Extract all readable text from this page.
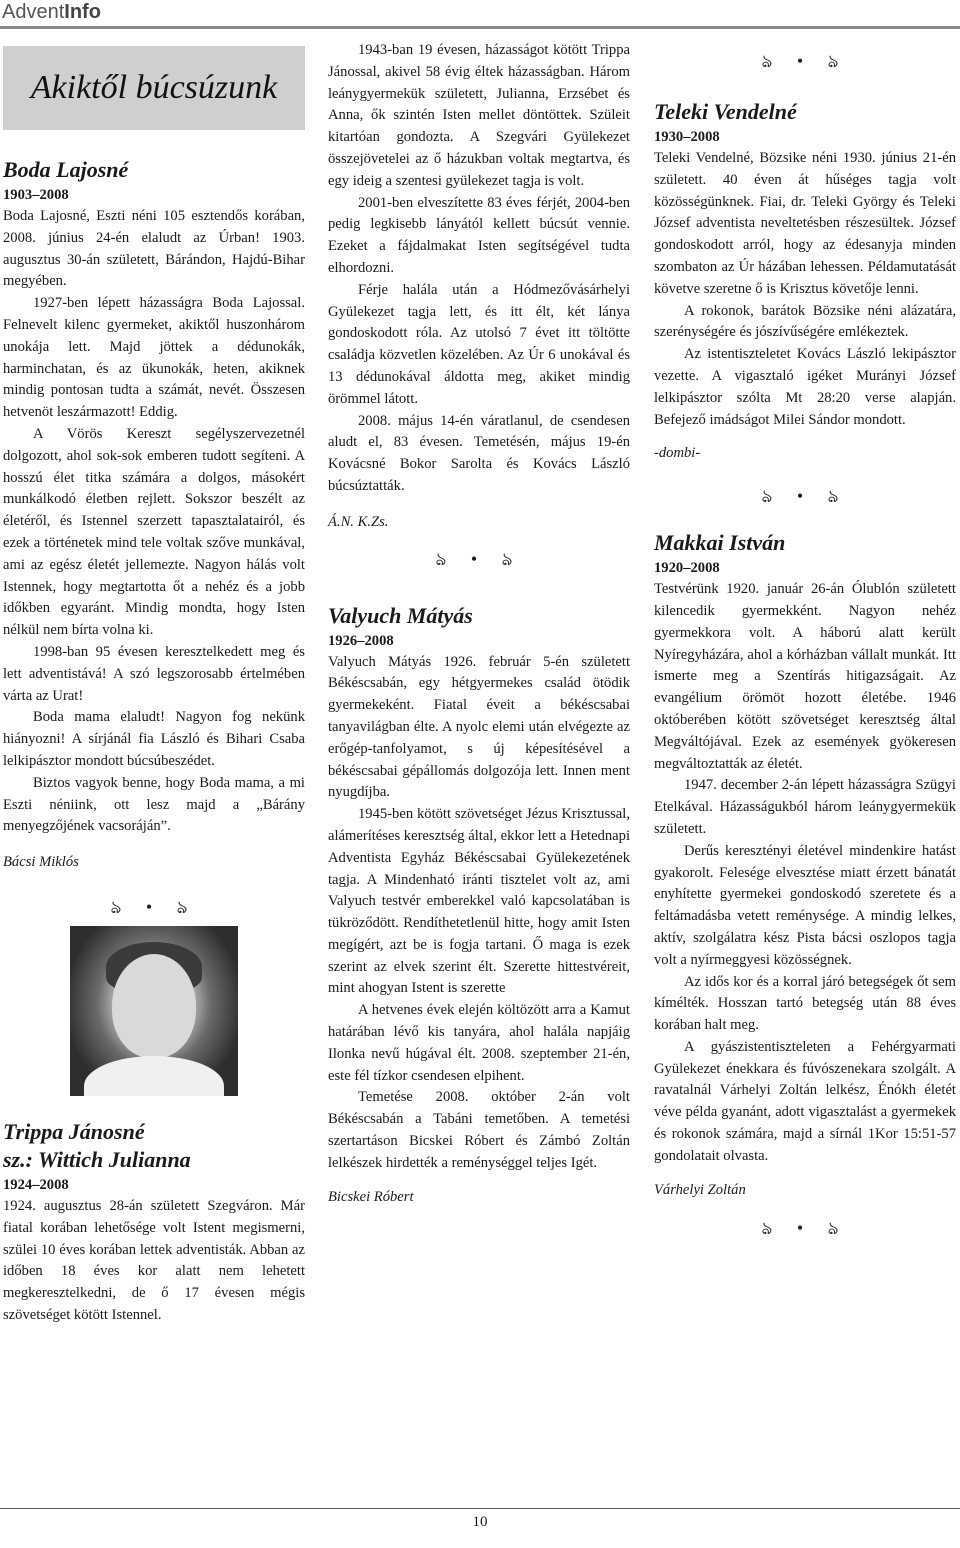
AdventInfo
Akiktől búcsúzunk

Boda Lajosné

1903–2008

Boda Lajosné, Eszti néni 105 esztendős korában, 2008. június 24-én elaludt az Úrban! 1903. augusztus 30-án született, Bárándon, Hajdú-Bihar megyében.

1927-ben lépett házasságra Boda Lajossal. Felnevelt kilenc gyermeket, akiktől huszonhárom unokája lett. Majd jöttek a dédunokák, harminchatan, és az ükunokák, heten, akiknek mindig pontosan tudta a számát, nevét. Összesen hetvenöt leszármazott! Eddig.

A Vörös Kereszt segélyszervezetnél dolgozott, ahol sok-sok emberen tudott segíteni. A hosszú élet titka számára a dolgos, másokért munkálkodó életben rejlett. Sokszor beszélt az életéről, és Istennel szerzett tapasztalatairól, és ezek a történetek mind tele voltak szőve munkával, ami az egész életét jellemezte. Nagyon hálás volt Istennek, hogy megtartotta őt a nehéz és a jobb időkben egyaránt. Mindig mondta, hogy Isten nélkül nem bírta volna ki.

1998-ban 95 évesen keresztelkedett meg és lett adventistává! A szó legszorosabb értelmében várta az Urat!

Boda mama elaludt! Nagyon fog nekünk hiányozni! A sírjánál fia László és Bihari Csaba lelkipásztor mondott búcsúbeszédet.

Biztos vagyok benne, hogy Boda mama, a mi Eszti néniink, ott lesz majd a „Bárány menyegzőjének vacsoráján”.

Bácsi Miklós

ঌ • ঌ

Trippa Jánosné

sz.: Wittich Julianna

1924–2008

1924. augusztus 28-án született Szegváron. Már fiatal korában lehetősége volt Istent megismerni, szülei 10 éves korában lettek adventisták. Abban az időben 18 éves kor alatt nem lehetett megkeresztelkedni, de ő 17 évesen mégis szövetséget kötött Istennel.

1943-ban 19 évesen, házasságot kötött Trippa Jánossal, akivel 58 évig éltek házasságban. Három leánygyermekük született, Julianna, Erzsébet és Anna, ők szintén Isten mellet döntöttek. Szüleit kitartóan gondozta. A Szegvári Gyülekezet összejövetelei az ő házukban voltak megtartva, és egy ideig a szentesi gyülekezet tagja is volt.

2001-ben elveszítette 83 éves férjét, 2004-ben pedig legkisebb lányától kellett búcsút vennie. Ezeket a fájdalmakat Isten segítségével tudta elhordozni.

Férje halála után a Hódmezővásárhelyi Gyülekezet tagja lett, és itt élt, két lánya gondoskodott róla. Az utolsó 7 évet itt töltötte családja közvetlen közelében. Az Úr 6 unokával és 13 dédunokával áldotta meg, akiket mindig örömmel látott.

2008. május 14-én váratlanul, de csendesen aludt el, 83 évesen. Temetésén, május 19-én Kovácsné Bokor Sarolta és Kovács László búcsúztatták.

Á.N. K.Zs.

ঌ • ঌ

Valyuch Mátyás

1926–2008

Valyuch Mátyás 1926. február 5-én született Békéscsabán, egy hétgyermekes család ötödik gyermekeként. Fiatal éveit a békéscsabai tanyavilágban élte. A nyolc elemi után elvégezte az erőgép-tanfolyamot, s új képesítésével a békéscsabai gépállomás dolgozója lett. Innen ment nyugdíjba.

1945-ben kötött szövetséget Jézus Krisztussal, alámerítéses keresztség által, ekkor lett a Hetednapi Adventista Egyház Békéscsabai Gyülekezetének tagja. A Mindenható iránti tisztelet volt az, ami Valyuch testvér emberekkel való kapcsolatában is tükröződött. Rendíthetetlenül hitte, hogy amit Isten megígért, azt be is fogja tartani. Ő maga is ezek szerint az elvek szerint élt. Szerette hittestvéreit, mint ahogyan Istent is szerette

A hetvenes évek elején költözött arra a Kamut határában lévő kis tanyára, ahol halála napjáig Ilonka nevű húgával élt. 2008. szeptember 21-én, este fél tízkor csendesen elpihent.

Temetése 2008. október 2-án volt Békéscsabán a Tabáni temetőben. A temetési szertartáson Bicskei Róbert és Zámbó Zoltán lelkészek hirdették a reménységgel teljes Igét.

Bicskei Róbert

ঌ • ঌ

Teleki Vendelné

1930–2008

Teleki Vendelné, Bözsike néni 1930. június 21-én született. 40 éven át hűséges tagja volt közösségünknek. Fiai, dr. Teleki György és Teleki József adventista neveltetésben részesültek. József gondoskodott arról, hogy az édesanyja minden szombaton az Úr házában lehessen. Példamutatását követve szeretne ő is Krisztus követője lenni.

A rokonok, barátok Bözsike néni alázatára, szerénységére és jószívűségére emlékeztek.

Az istentiszteletet Kovács László lekipásztor vezette. A vigasztaló igéket Murányi József lelkipásztor szólta Mt 28:20 verse alapján. Befejező imádságot Milei Sándor mondott.

-dombi-

ঌ • ঌ

Makkai István

1920–2008

Testvérünk 1920. január 26-án Ólublón született kilencedik gyermekként. Nagyon nehéz gyermekkora volt. A háború alatt került Nyíregyházára, ahol a kórházban vállalt munkát. Itt ismerte meg a Szentírás hitigazságait. Az evangélium örömöt hozott életébe. 1946 októberében kötött szövetséget keresztség által Megváltójával. Ezek az események gyökeresen megváltoztatták az életét.

1947. december 2-án lépett házasságra Szügyi Etelkával. Házasságukból három leánygyermekük született.

Derűs keresztényi életével mindenkire hatást gyakorolt. Felesége elvesztése miatt érzett bánatát enyhítette gyermekei gondoskodó szeretete és a feltámadásba vetett reménysége. A mindig lelkes, aktív, szolgálatra kész Pista bácsi oszlopos tagja volt a nyírmeggyesi közösségnek.

Az idős kor és a korral járó betegségek őt sem kímélték. Hosszan tartó betegség után 88 éves korában halt meg.

A gyászistentiszteleten a Fehérgyarmati Gyülekezet énekkara és fúvószenekara szolgált. A ravatalnál Várhelyi Zoltán lelkész, Énókh életét véve példa gyanánt, adott vigasztalást a gyermekek és rokonok számára, majd a sírnál 1Kor 15:51-57 gondolatait olvasta.

Várhelyi Zoltán

ঌ • ঌ
10
